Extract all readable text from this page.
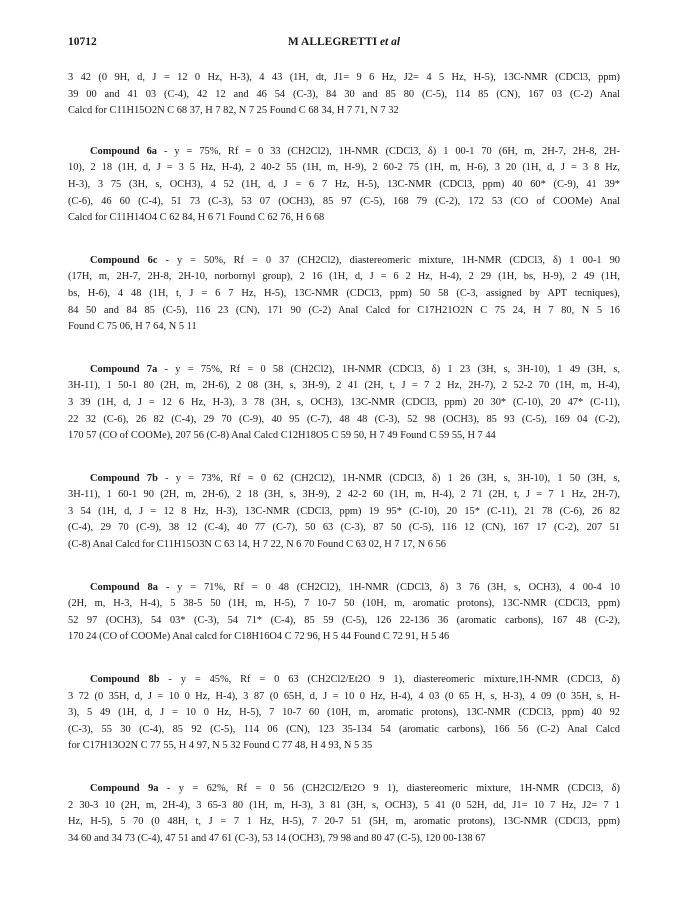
10712	M ALLEGRETTI et al
3 42 (0 9H, d, J = 12 0 Hz, H-3), 4 43 (1H, dt, J1= 9 6 Hz, J2= 4 5 Hz, H-5), 13C-NMR (CDCl3, ppm)
39 00 and 41 03 (C-4), 42 12 and 46 54 (C-3), 84 30 and 85 80 (C-5), 114 85 (CN), 167 03 (C-2) Anal
Calcd for C11H15O2N C 68 37, H 7 82, N 7 25 Found C 68 34, H 7 71, N 7 32
Compound 6a - y = 75%, Rf = 0 33 (CH2Cl2), 1H-NMR (CDCl3, δ) 1 00-1 70 (6H, m, 2H-7, 2H-8, 2H-
10), 2 18 (1H, d, J = 3 5 Hz, H-4), 2 40-2 55 (1H, m, H-9), 2 60-2 75 (1H, m, H-6), 3 20 (1H, d, J = 3 8 Hz,
H-3), 3 75 (3H, s, OCH3), 4 52 (1H, d, J = 6 7 Hz, H-5), 13C-NMR (CDCl3, ppm) 40 60* (C-9), 41 39*
(C-6), 46 60 (C-4), 51 73 (C-3), 53 07 (OCH3), 85 97 (C-5), 168 79 (C-2), 172 53 (CO of COOMe) Anal
Calcd for C11H14O4 C 62 84, H 6 71 Found C 62 76, H 6 68
Compound 6c - y = 50%, Rf = 0 37 (CH2Cl2), diastereomeric mixture, 1H-NMR (CDCl3, δ) 1 00-1 90
(17H, m, 2H-7, 2H-8, 2H-10, norbornyl group), 2 16 (1H, d, J = 6 2 Hz, H-4), 2 29 (1H, bs, H-9), 2 49 (1H,
bs, H-6), 4 48 (1H, t, J = 6 7 Hz, H-5), 13C-NMR (CDCl3, ppm) 50 58 (C-3, assigned by APT tecniques),
84 50 and 84 85 (C-5), 116 23 (CN), 171 90 (C-2) Anal Calcd for C17H21O2N C 75 24, H 7 80, N 5 16
Found C 75 06, H 7 64, N 5 11
Compound 7a - y = 75%, Rf = 0 58 (CH2Cl2), 1H-NMR (CDCl3, δ) 1 23 (3H, s, 3H-10), 1 49 (3H, s,
3H-11), 1 50-1 80 (2H, m, 2H-6), 2 08 (3H, s, 3H-9), 2 41 (2H, t, J = 7 2 Hz, 2H-7), 2 52-2 70 (1H, m, H-4),
3 39 (1H, d, J = 12 6 Hz, H-3), 3 78 (3H, s, OCH3), 13C-NMR (CDCl3, ppm) 20 30* (C-10), 20 47* (C-11),
22 32 (C-6), 26 82 (C-4), 29 70 (C-9), 40 95 (C-7), 48 48 (C-3), 52 98 (OCH3), 85 93 (C-5), 169 04 (C-2),
170 57 (CO of COOMe), 207 56 (C-8) Anal Calcd C12H18O5 C 59 50, H 7 49 Found C 59 55, H 7 44
Compound 7b - y = 73%, Rf = 0 62 (CH2Cl2), 1H-NMR (CDCl3, δ) 1 26 (3H, s, 3H-10), 1 50 (3H, s,
3H-11), 1 60-1 90 (2H, m, 2H-6), 2 18 (3H, s, 3H-9), 2 42-2 60 (1H, m, H-4), 2 71 (2H, t, J = 7 1 Hz, 2H-7),
3 54 (1H, d, J = 12 8 Hz, H-3), 13C-NMR (CDCl3, ppm) 19 95* (C-10), 20 15* (C-11), 21 78 (C-6), 26 82
(C-4), 29 70 (C-9), 38 12 (C-4), 40 77 (C-7), 50 63 (C-3), 87 50 (C-5), 116 12 (CN), 167 17 (C-2), 207 51
(C-8) Anal Calcd for C11H15O3N C 63 14, H 7 22, N 6 70 Found C 63 02, H 7 17, N 6 56
Compound 8a - y = 71%, Rf = 0 48 (CH2Cl2), 1H-NMR (CDCl3, δ) 3 76 (3H, s, OCH3), 4 00-4 10
(2H, m, H-3, H-4), 5 38-5 50 (1H, m, H-5), 7 10-7 50 (10H, m, aromatic protons), 13C-NMR (CDCl3, ppm)
52 97 (OCH3), 54 03* (C-3), 54 71* (C-4), 85 59 (C-5), 126 22-136 36 (aromatic carbons), 167 48 (C-2),
170 24 (CO of COOMe) Anal calcd for C18H16O4 C 72 96, H 5 44 Found C 72 91, H 5 46
Compound 8b - y = 45%, Rf = 0 63 (CH2Cl2/Et2O 9 1), diastereomeric mixture,1H-NMR (CDCl3, δ)
3 72 (0 35H, d, J = 10 0 Hz, H-4), 3 87 (0 65H, d, J = 10 0 Hz, H-4), 4 03 (0 65 H, s, H-3), 4 09 (0 35H, s, H-
3), 5 49 (1H, d, J = 10 0 Hz, H-5), 7 10-7 60 (10H, m, aromatic protons), 13C-NMR (CDCl3, ppm) 40 92
(C-3), 55 30 (C-4), 85 92 (C-5), 114 06 (CN), 123 35-134 54 (aromatic carbons), 166 56 (C-2) Anal Calcd
for C17H13O2N C 77 55, H 4 97, N 5 32 Found C 77 48, H 4 93, N 5 35
Compound 9a - y = 62%, Rf = 0 56 (CH2Cl2/Et2O 9 1), diastereomeric mixture, 1H-NMR (CDCl3, δ)
2 30-3 10 (2H, m, 2H-4), 3 65-3 80 (1H, m, H-3), 3 81 (3H, s, OCH3), 5 41 (0 52H, dd, J1= 10 7 Hz, J2= 7 1
Hz, H-5), 5 70 (0 48H, t, J = 7 1 Hz, H-5), 7 20-7 51 (5H, m, aromatic protons), 13C-NMR (CDCl3, ppm)
34 60 and 34 73 (C-4), 47 51 and 47 61 (C-3), 53 14 (OCH3), 79 98 and 80 47 (C-5), 120 00-138 67
